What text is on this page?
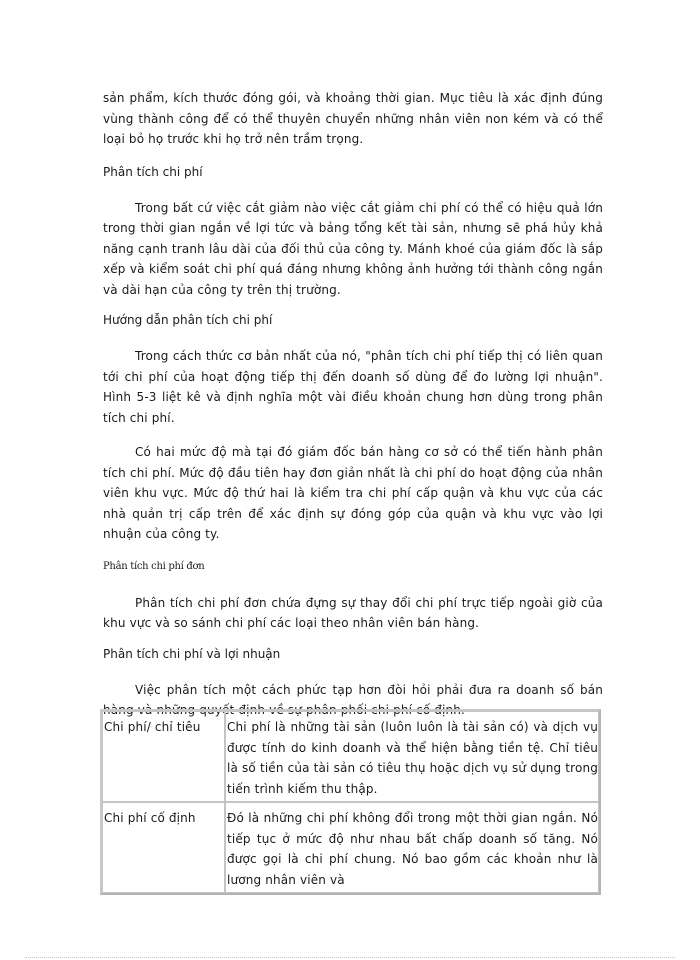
sản phẩm, kích thước đóng gói, và khoảng thời gian. Mục tiêu là xác định đúng vùng thành công để có thể thuyên chuyển những nhân viên non kém và có thể loại bỏ họ trước khi họ trở nên trầm trọng.

Phân tích chi phí

Trong bất cứ việc cắt giảm nào việc cắt giảm chi phí có thể có hiệu quả lớn trong thời gian ngắn về lợi tức và bảng tổng kết tài sản, nhưng sẽ phá hủy khả năng cạnh tranh lâu dài của đối thủ của công ty. Mánh khoé của giám đốc là sắp xếp và kiểm soát chi phí quá đáng nhưng không ảnh hưởng tới thành công ngắn và dài hạn của công ty trên thị trường.

Hướng dẫn phân tích chi phí

Trong cách thức cơ bản nhất của nó, "phân tích chi phí tiếp thị có liên quan tới chi phí của hoạt động tiếp thị đến doanh số dùng để đo lường lợi nhuận". Hình 5-3 liệt kê và định nghĩa một vài điều khoản chung hơn dùng trong phân tích chi phí.

Có hai mức độ mà tại đó giám đốc bán hàng cơ sở có thể tiến hành phân tích chi phí. Mức độ đầu tiên hay đơn giản nhất là chi phí do hoạt động của nhân viên khu vực. Mức độ thứ hai là kiểm tra chi phí cấp quận và khu vực của các nhà quản trị cấp trên để xác định sự đóng góp của quận và khu vực vào lợi nhuận của công ty.

Phân tích chi phí đơn

Phân tích chi phí đơn chứa đựng sự thay đổi chi phí trực tiếp ngoài giờ của khu vực và so sánh chi phí các loại theo nhân viên bán hàng.

Phân tích chi phí và lợi nhuận

Việc phân tích một cách phức tạp hơn đòi hỏi phải đưa ra doanh số bán hàng và những quyết định về sự phân phối chi phí cố định.

Chi phí/ chỉ tiêu	Chi phí là những tài sản (luôn luôn là tài sản có) và dịch vụ được tính do kinh doanh và thể hiện bằng tiền tệ. Chỉ tiêu là số tiền của tài sản có tiêu thụ hoặc dịch vụ sử dụng trong tiến trình kiếm thu thập.
Chi phí cố định	Đó là những chi phí không đổi trong một thời gian ngắn. Nó tiếp tục ở mức độ như nhau bất chấp doanh số tăng. Nó được gọi là chi phí chung. Nó bao gồm các khoản như là lương nhân viên và
